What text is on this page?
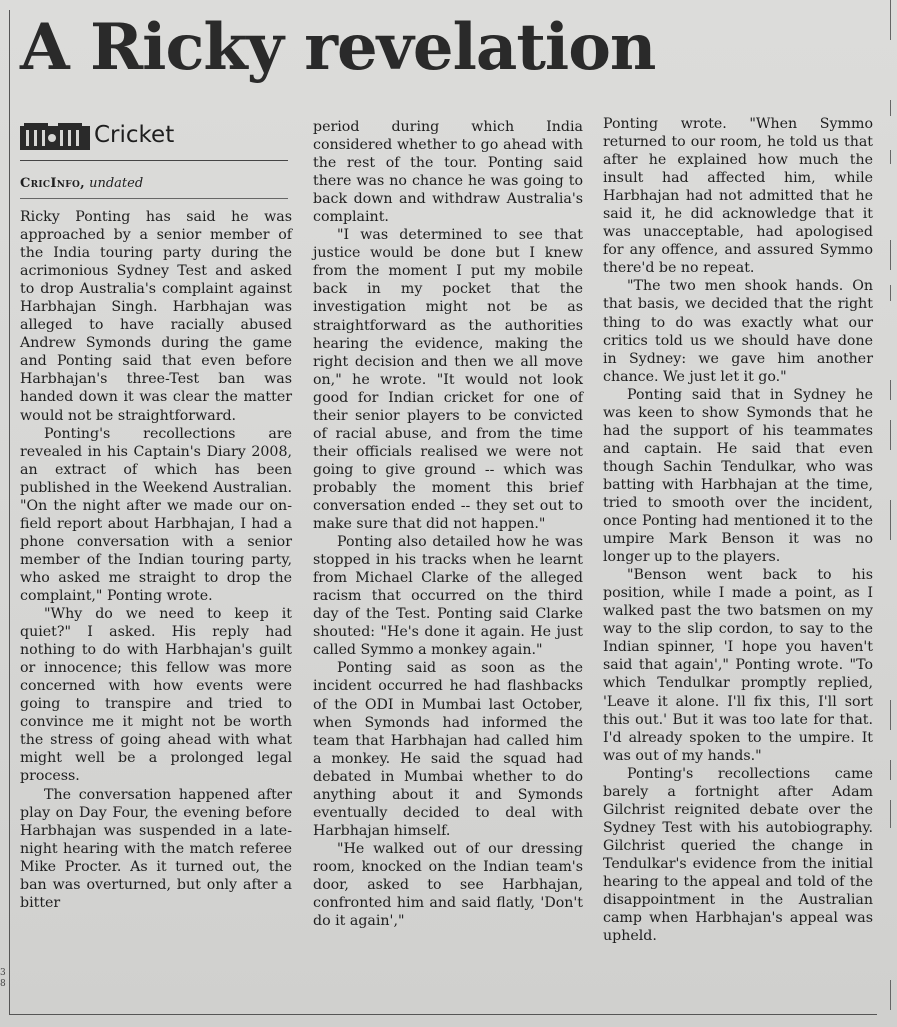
A Ricky revelation
Cricket
CricInfo, undated

Ricky Ponting has said he was approached by a senior member of the India touring party during the acrimonious Sydney Test and asked to drop Australia's complaint against Harbhajan Singh. Harbhajan was alleged to have racially abused Andrew Symonds during the game and Ponting said that even before Harbhajan's three-Test ban was handed down it was clear the matter would not be straightforward.

Ponting's recollections are revealed in his Captain's Diary 2008, an extract of which has been published in the Weekend Australian. "On the night after we made our on-field report about Harbhajan, I had a phone conversation with a senior member of the Indian touring party, who asked me straight to drop the complaint," Ponting wrote.

"Why do we need to keep it quiet?" I asked. His reply had nothing to do with Harbhajan's guilt or innocence; this fellow was more concerned with how events were going to transpire and tried to convince me it might not be worth the stress of going ahead with what might well be a prolonged legal process.

The conversation happened after play on Day Four, the evening before Harbhajan was suspended in a late-night hearing with the match referee Mike Procter. As it turned out, the ban was overturned, but only after a bitter

period during which India considered whether to go ahead with the rest of the tour. Ponting said there was no chance he was going to back down and withdraw Australia's complaint.

"I was determined to see that justice would be done but I knew from the moment I put my mobile back in my pocket that the investigation might not be as straightforward as the authorities hearing the evidence, making the right decision and then we all move on," he wrote. "It would not look good for Indian cricket for one of their senior players to be convicted of racial abuse, and from the time their officials realised we were not going to give ground -- which was probably the moment this brief conversation ended -- they set out to make sure that did not happen."

Ponting also detailed how he was stopped in his tracks when he learnt from Michael Clarke of the alleged racism that occurred on the third day of the Test. Ponting said Clarke shouted: "He's done it again. He just called Symmo a monkey again."

Ponting said as soon as the incident occurred he had flashbacks of the ODI in Mumbai last October, when Symonds had informed the team that Harbhajan had called him a monkey. He said the squad had debated in Mumbai whether to do anything about it and Symonds eventually decided to deal with Harbhajan himself.

"He walked out of our dressing room, knocked on the Indian team's door, asked to see Harbhajan, confronted him and said flatly, 'Don't do it again',"

Ponting wrote. "When Symmo returned to our room, he told us that after he explained how much the insult had affected him, while Harbhajan had not admitted that he said it, he did acknowledge that it was unacceptable, had apologised for any offence, and assured Symmo there'd be no repeat.

"The two men shook hands. On that basis, we decided that the right thing to do was exactly what our critics told us we should have done in Sydney: we gave him another chance. We just let it go."

Ponting said that in Sydney he was keen to show Symonds that he had the support of his teammates and captain. He said that even though Sachin Tendulkar, who was batting with Harbhajan at the time, tried to smooth over the incident, once Ponting had mentioned it to the umpire Mark Benson it was no longer up to the players.

"Benson went back to his position, while I made a point, as I walked past the two batsmen on my way to the slip cordon, to say to the Indian spinner, 'I hope you haven't said that again'," Ponting wrote. "To which Tendulkar promptly replied, 'Leave it alone. I'll fix this, I'll sort this out.' But it was too late for that. I'd already spoken to the umpire. It was out of my hands."

Ponting's recollections came barely a fortnight after Adam Gilchrist reignited debate over the Sydney Test with his autobiography. Gilchrist queried the change in Tendulkar's evidence from the initial hearing to the appeal and told of the disappointment in the Australian camp when Harbhajan's appeal was upheld.

3
8
